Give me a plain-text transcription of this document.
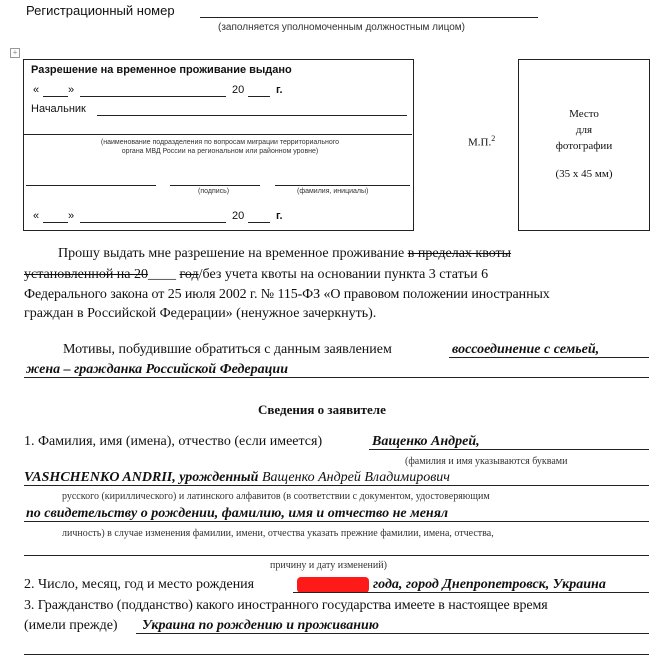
Регистрационный номер
(заполняется уполномоченным должностным лицом)
+
Разрешение на временное проживание выдано
«	»	20	г.
Начальник
(наименование подразделения по вопросам миграции территориального органа МВД России на региональном или районном уровне)
(подпись)	(фамилия, инициалы)
«	»	20	г.
М.П.$^2$
Место
для
фотографии
(35 x 45 мм)
Прошу выдать мне разрешение на временное проживание в пределах квоты
установленной на 20____ год/без учета квоты на основании пункта 3 статьи 6
Федерального закона от 25 июля 2002 г. № 115-ФЗ «О правовом положении иностранных
граждан в Российской Федерации» (ненужное зачеркнуть).
Мотивы, побудившие обратиться с данным заявлением	воссоединение с семьей,
жена – гражданка Российской Федерации
Сведения о заявителе
1. Фамилия, имя (имена), отчество (если имеется)	Ващенко Андрей,
(фамилия и имя указываются буквами
VASHCHENKO ANDRII, урожденный Ващенко Андрей Владимирович
русского (кириллического) и латинского алфавитов (в соответствии с документом, удостоверяющим
по свидетельству о рождении, фамилию, имя и отчество не менял
личность) в случае изменения фамилии, имени, отчества указать прежние фамилии, имена, отчества,
причину и дату изменений)
2. Число, месяц, год и место рождения	года, город Днепропетровск, Украина
3. Гражданство (подданство) какого иностранного государства имеете в настоящее время
(имели прежде) Украина по рождению и проживанию
